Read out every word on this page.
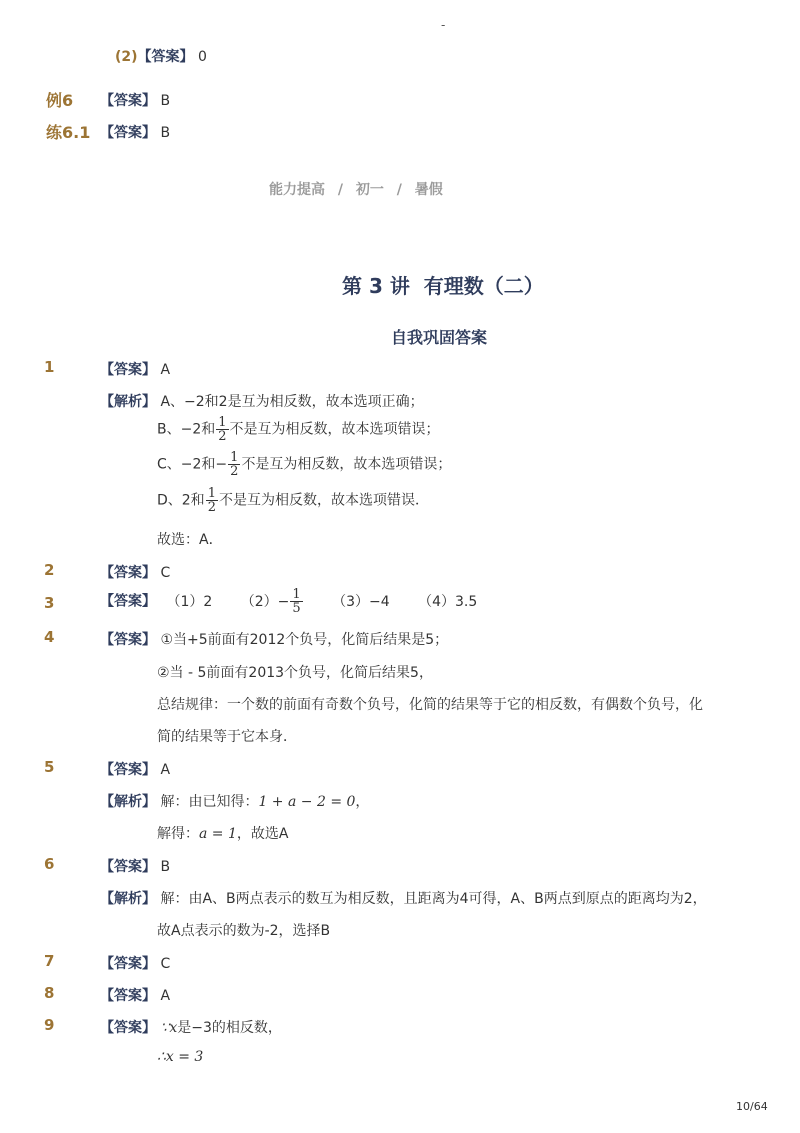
-
(2)【答案】 0
例6 【答案】 B
练6.1 【答案】 B
能力提高 / 初一 / 暑假
第 3 讲  有理数（二）
自我巩固答案
1	【答案】 A
【解析】 A、−2和2是互为相反数，故本选项正确；
B、−2和 $\frac{1}{2}$ 不是互为相反数，故本选项错误；
C、−2和− $\frac{1}{2}$ 不是互为相反数，故本选项错误；
D、2和 $\frac{1}{2}$ 不是互为相反数，故本选项错误．
故选：A．
2	【答案】 C
3	【答案】 （1）2 $(2)- \frac{1}{5} (3)-4$ （4）3.5
4	【答案】 ①当+5前面有2012个负号，化简后结果是5；
②当 - 5前面有2013个负号，化简后结果5，
总结规律：一个数的前面有奇数个负号，化简的结果等于它的相反数，有偶数个负号，化
简的结果等于它本身．
5	【答案】 A
【解析】 解：由已知得：1 + a − 2 = 0，
解得：a = 1，故选A
6	【答案】 B
【解析】 解：由A、B两点表示的数互为相反数，且距离为4可得，A、B两点到原点的距离均为2，
故A点表示的数为-2，选择B
7	【答案】 C
8	【答案】 A
9	【答案】 ∵x是−3的相反数，
∴x = 3
10/64
